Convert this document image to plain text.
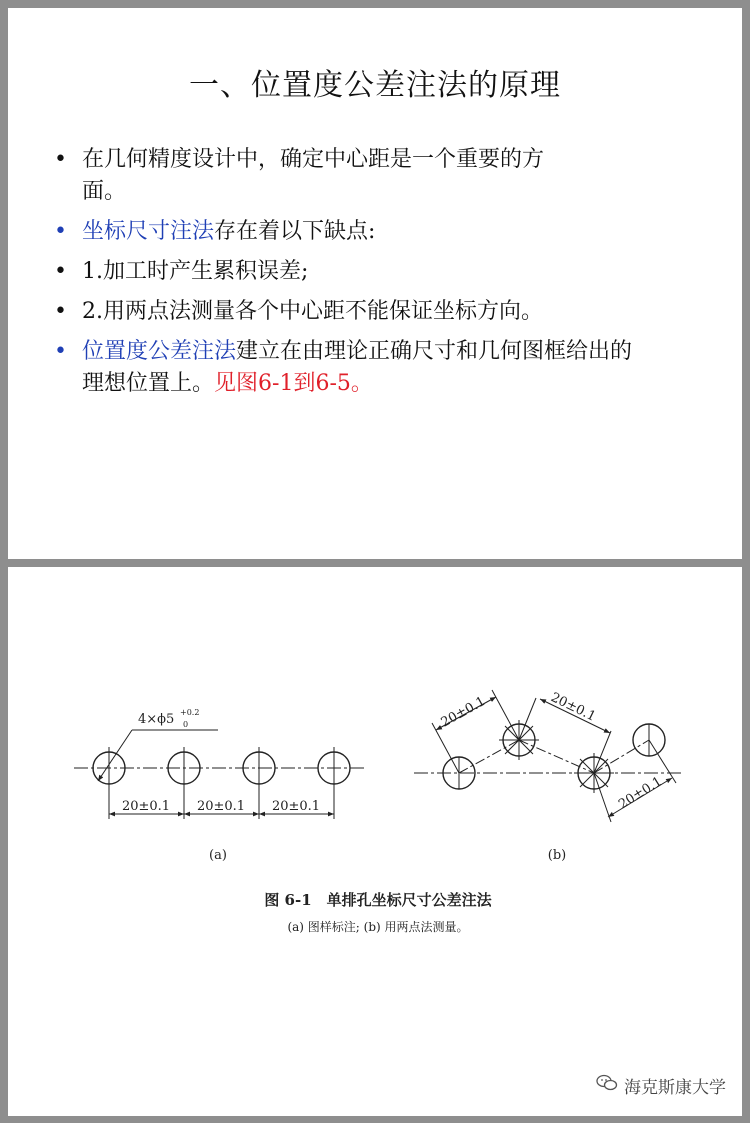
一、位置度公差注法的原理
• 在几何精度设计中，确定中心距是一个重要的方
面。
• 坐标尺寸注法存在着以下缺点:
• 1.加工时产生累积误差;
• 2.用两点法测量各个中心距不能保证坐标方向。
• 位置度公差注法建立在由理论正确尺寸和几何图框给出的
理想位置上。见图6-1到6-5。
4×ϕ5 +0.2
0
20±0.1 20±0.1 20±0.1
(a)
20±0.1	20±0.1
20±0.1
(b)
图 6-1　单排孔坐标尺寸公差注法
(a) 图样标注; (b) 用两点法测量。
海克斯康大学
